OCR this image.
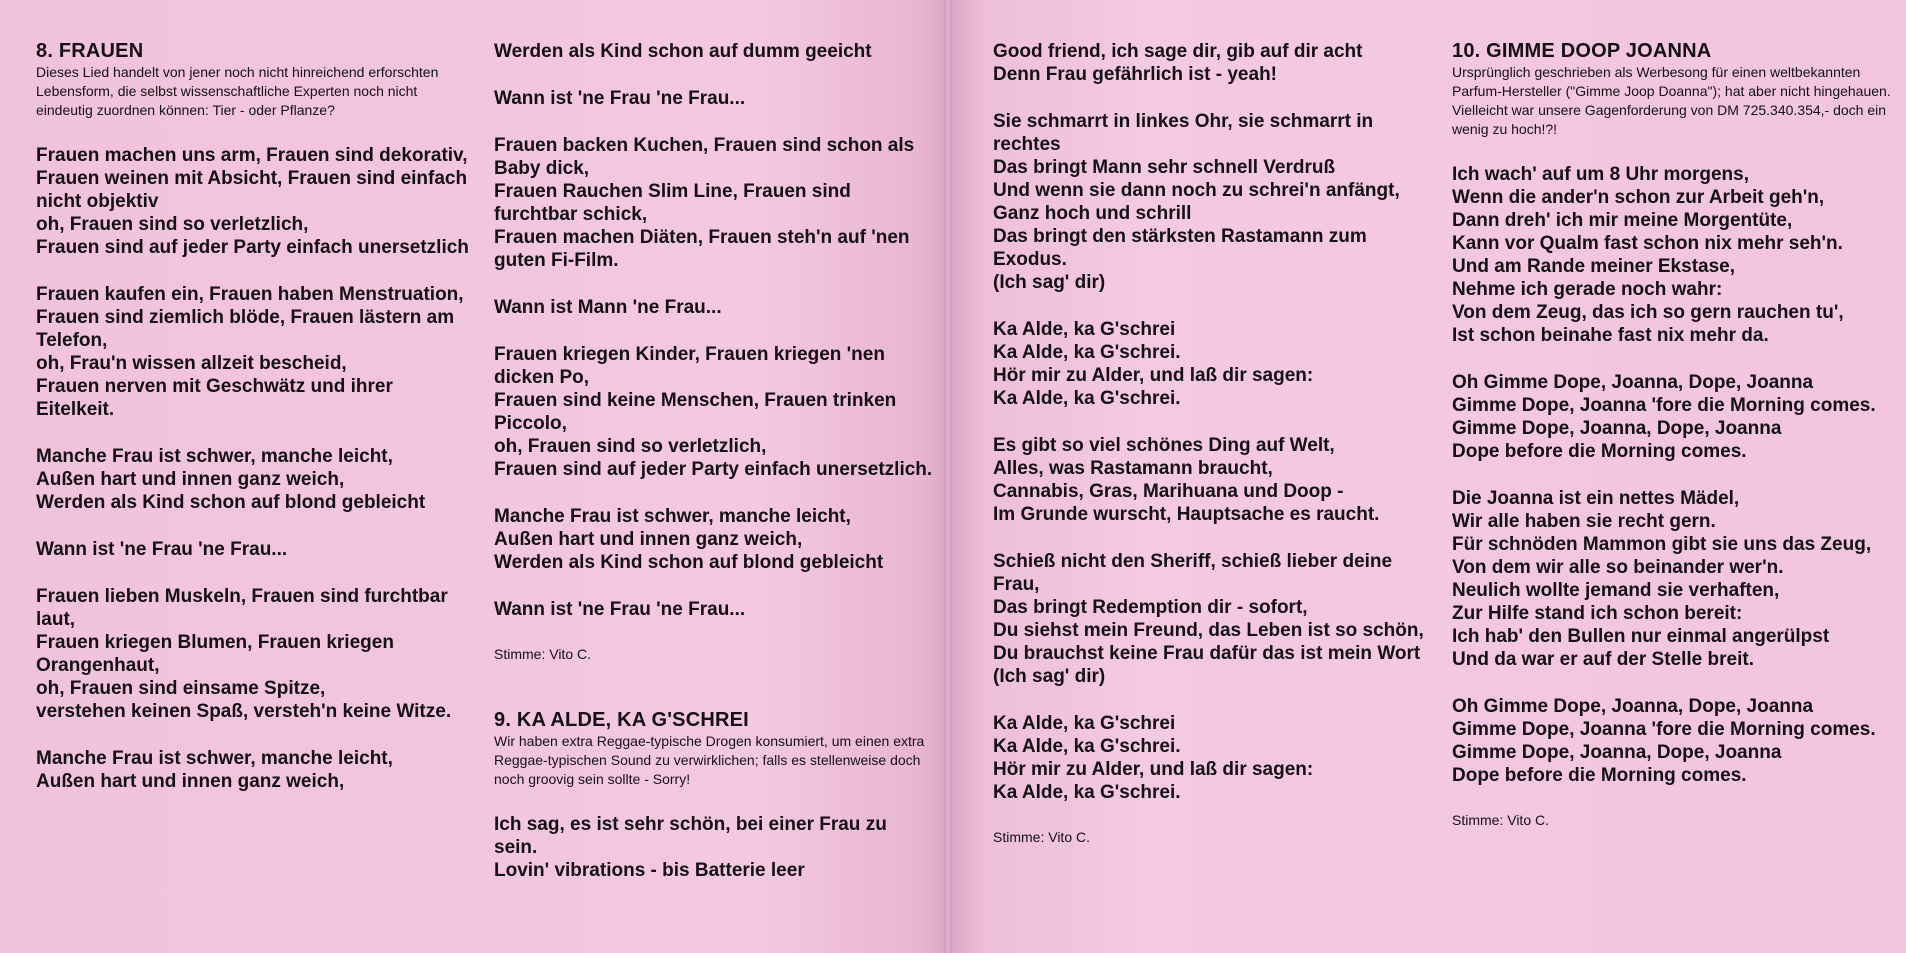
8. FRAUEN

Dieses Lied handelt von jener noch nicht hinreichend erforschten Lebensform, die selbst wissenschaftliche Experten noch nicht eindeutig zuordnen können: Tier - oder Pflanze?

Frauen machen uns arm, Frauen sind dekorativ,
Frauen weinen mit Absicht, Frauen sind einfach nicht objektiv
oh, Frauen sind so verletzlich,
Frauen sind auf jeder Party einfach unersetzlich

Frauen kaufen ein, Frauen haben Menstruation,
Frauen sind ziemlich blöde, Frauen lästern am Telefon,
oh, Frau'n wissen allzeit bescheid,
Frauen nerven mit Geschwätz und ihrer Eitelkeit.

Manche Frau ist schwer, manche leicht,
Außen hart und innen ganz weich,
Werden als Kind schon auf blond gebleicht

Wann ist 'ne Frau 'ne Frau...

Frauen lieben Muskeln, Frauen sind furchtbar laut,
Frauen kriegen Blumen, Frauen kriegen Orangenhaut,
oh, Frauen sind einsame Spitze,
verstehen keinen Spaß, versteh'n keine Witze.

Manche Frau ist schwer, manche leicht,
Außen hart und innen ganz weich,

Werden als Kind schon auf dumm geeicht

Wann ist 'ne Frau 'ne Frau...

Frauen backen Kuchen, Frauen sind schon als Baby dick,
Frauen Rauchen Slim Line, Frauen sind furchtbar schick,
Frauen machen Diäten, Frauen steh'n auf 'nen guten Fi-Film.

Wann ist Mann 'ne Frau...

Frauen kriegen Kinder, Frauen kriegen 'nen dicken Po,
Frauen sind keine Menschen, Frauen trinken Piccolo,
oh, Frauen sind so verletzlich,
Frauen sind auf jeder Party einfach unersetzlich.

Manche Frau ist schwer, manche leicht,
Außen hart und innen ganz weich,
Werden als Kind schon auf blond gebleicht

Wann ist 'ne Frau 'ne Frau...

Stimme: Vito C.

9. KA ALDE, KA G'SCHREI

Wir haben extra Reggae-typische Drogen konsumiert, um einen extra Reggae-typischen Sound zu verwirklichen; falls es stellenweise doch noch groovig sein sollte - Sorry!

Ich sag, es ist sehr schön, bei einer Frau zu sein.
Lovin' vibrations - bis Batterie leer

Good friend, ich sage dir, gib auf dir acht
Denn Frau gefährlich ist - yeah!

Sie schmarrt in linkes Ohr, sie schmarrt in rechtes
Das bringt Mann sehr schnell Verdruß
Und wenn sie dann noch zu schrei'n anfängt,
Ganz hoch und schrill
Das bringt den stärksten Rastamann zum Exodus.
(Ich sag' dir)

Ka Alde, ka G'schrei
Ka Alde, ka G'schrei.
Hör mir zu Alder, und laß dir sagen:
Ka Alde, ka G'schrei.

Es gibt so viel schönes Ding auf Welt,
Alles, was Rastamann braucht,
Cannabis, Gras, Marihuana und Doop -
Im Grunde wurscht, Hauptsache es raucht.

Schieß nicht den Sheriff, schieß lieber deine Frau,
Das bringt Redemption dir - sofort,
Du siehst mein Freund, das Leben ist so schön,
Du brauchst keine Frau dafür das ist mein Wort
(Ich sag' dir)

Ka Alde, ka G'schrei
Ka Alde, ka G'schrei.
Hör mir zu Alder, und laß dir sagen:
Ka Alde, ka G'schrei.

Stimme: Vito C.

10. GIMME DOOP JOANNA

Ursprünglich geschrieben als Werbesong für einen weltbekannten Parfum-Hersteller ("Gimme Joop Doanna"); hat aber nicht hingehauen. Vielleicht war unsere Gagenforderung von DM 725.340.354,- doch ein wenig zu hoch!?!

Ich wach' auf um 8 Uhr morgens,
Wenn die ander'n schon zur Arbeit geh'n,
Dann dreh' ich mir meine Morgentüte,
Kann vor Qualm fast schon nix mehr seh'n.
Und am Rande meiner Ekstase,
Nehme ich gerade noch wahr:
Von dem Zeug, das ich so gern rauchen tu',
Ist schon beinahe fast nix mehr da.

Oh Gimme Dope, Joanna, Dope, Joanna
Gimme Dope, Joanna 'fore die Morning comes.
Gimme Dope, Joanna, Dope, Joanna
Dope before die Morning comes.

Die Joanna ist ein nettes Mädel,
Wir alle haben sie recht gern.
Für schnöden Mammon gibt sie uns das Zeug,
Von dem wir alle so beinander wer'n.
Neulich wollte jemand sie verhaften,
Zur Hilfe stand ich schon bereit:
Ich hab' den Bullen nur einmal angerülpst
Und da war er auf der Stelle breit.

Oh Gimme Dope, Joanna, Dope, Joanna
Gimme Dope, Joanna 'fore die Morning comes.
Gimme Dope, Joanna, Dope, Joanna
Dope before die Morning comes.

Stimme: Vito C.
